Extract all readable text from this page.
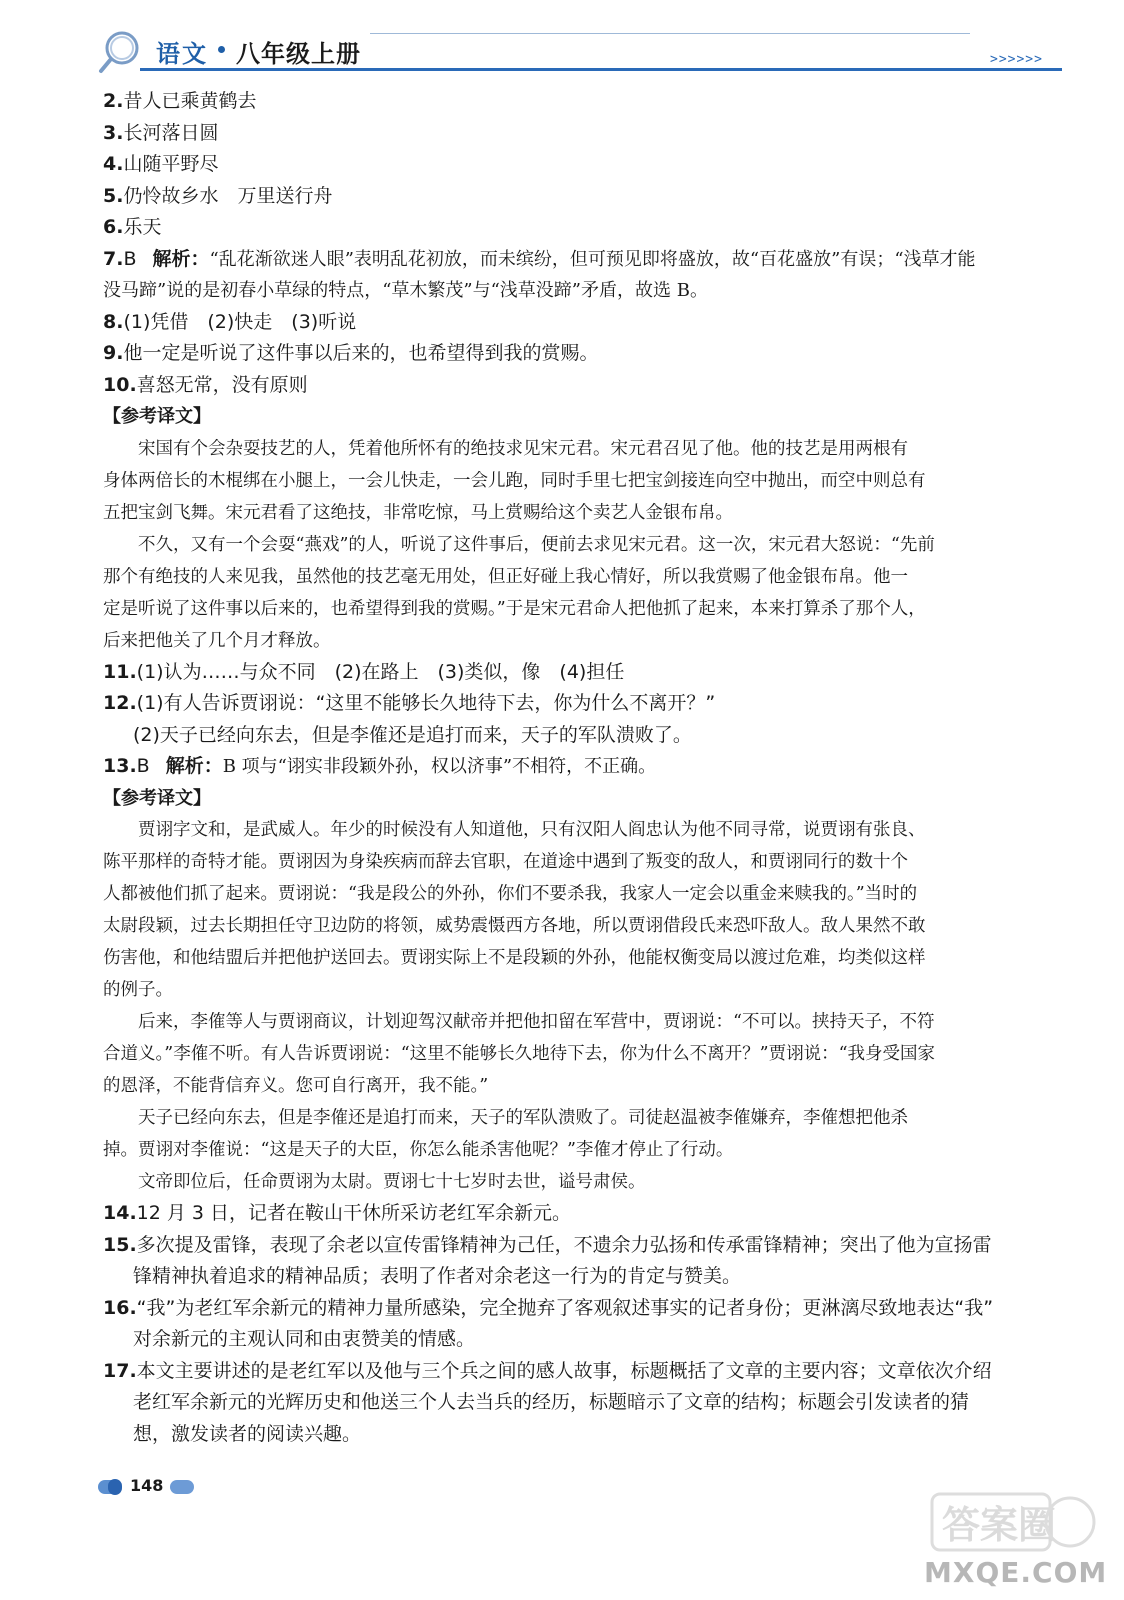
语文 八年级上册	>>>>>>

2.昔人已乘黄鹤去

3.长河落日圆

4.山随平野尽

5.仍怜故乡水　万里送行舟

6.乐天

7.B 解析：“乱花渐欲迷人眼”表明乱花初放，而未缤纷，但可预见即将盛放，故“百花盛放”有误；“浅草才能

没马蹄”说的是初春小草绿的特点，“草木繁茂”与“浅草没蹄”矛盾，故选 B。

8.(1)凭借　(2)快走　(3)听说

9.他一定是听说了这件事以后来的，也希望得到我的赏赐。

10.喜怒无常，没有原则

【参考译文】

宋国有个会杂耍技艺的人，凭着他所怀有的绝技求见宋元君。宋元君召见了他。他的技艺是用两根有
身体两倍长的木棍绑在小腿上，一会儿快走，一会儿跑，同时手里七把宝剑接连向空中抛出，而空中则总有
五把宝剑飞舞。宋元君看了这绝技，非常吃惊，马上赏赐给这个卖艺人金银布帛。

不久，又有一个会耍“燕戏”的人，听说了这件事后，便前去求见宋元君。这一次，宋元君大怒说：“先前
那个有绝技的人来见我，虽然他的技艺毫无用处，但正好碰上我心情好，所以我赏赐了他金银布帛。他一
定是听说了这件事以后来的，也希望得到我的赏赐。”于是宋元君命人把他抓了起来，本来打算杀了那个人，
后来把他关了几个月才释放。

11.(1)认为……与众不同　(2)在路上　(3)类似，像　(4)担任

12.(1)有人告诉贾诩说：“这里不能够长久地待下去，你为什么不离开？”

(2)天子已经向东去，但是李傕还是追打而来，天子的军队溃败了。

13.B 解析：B 项与“诩实非段颖外孙，权以济事”不相符，不正确。

【参考译文】

贾诩字文和，是武威人。年少的时候没有人知道他，只有汉阳人阎忠认为他不同寻常，说贾诩有张良、
陈平那样的奇特才能。贾诩因为身染疾病而辞去官职，在道途中遇到了叛变的敌人，和贾诩同行的数十个
人都被他们抓了起来。贾诩说：“我是段公的外孙，你们不要杀我，我家人一定会以重金来赎我的。”当时的
太尉段颖，过去长期担任守卫边防的将领，威势震慑西方各地，所以贾诩借段氏来恐吓敌人。敌人果然不敢
伤害他，和他结盟后并把他护送回去。贾诩实际上不是段颖的外孙，他能权衡变局以渡过危难，均类似这样
的例子。

后来，李傕等人与贾诩商议，计划迎驾汉献帝并把他扣留在军营中，贾诩说：“不可以。挟持天子，不符
合道义。”李傕不听。有人告诉贾诩说：“这里不能够长久地待下去，你为什么不离开？”贾诩说：“我身受国家
的恩泽，不能背信弃义。您可自行离开，我不能。”

天子已经向东去，但是李傕还是追打而来，天子的军队溃败了。司徒赵温被李傕嫌弃，李傕想把他杀
掉。贾诩对李傕说：“这是天子的大臣，你怎么能杀害他呢？”李傕才停止了行动。

文帝即位后，任命贾诩为太尉。贾诩七十七岁时去世，谥号肃侯。

14.12 月 3 日，记者在鞍山干休所采访老红军余新元。

15.多次提及雷锋，表现了余老以宣传雷锋精神为己任，不遗余力弘扬和传承雷锋精神；突出了他为宣扬雷

锋精神执着追求的精神品质；表明了作者对余老这一行为的肯定与赞美。

16.“我”为老红军余新元的精神力量所感染，完全抛弃了客观叙述事实的记者身份；更淋漓尽致地表达“我”

对余新元的主观认同和由衷赞美的情感。

17.本文主要讲述的是老红军以及他与三个兵之间的感人故事，标题概括了文章的主要内容；文章依次介绍

老红军余新元的光辉历史和他送三个人去当兵的经历，标题暗示了文章的结构；标题会引发读者的猜

想，激发读者的阅读兴趣。

148
答案圈
MXQE.COM
